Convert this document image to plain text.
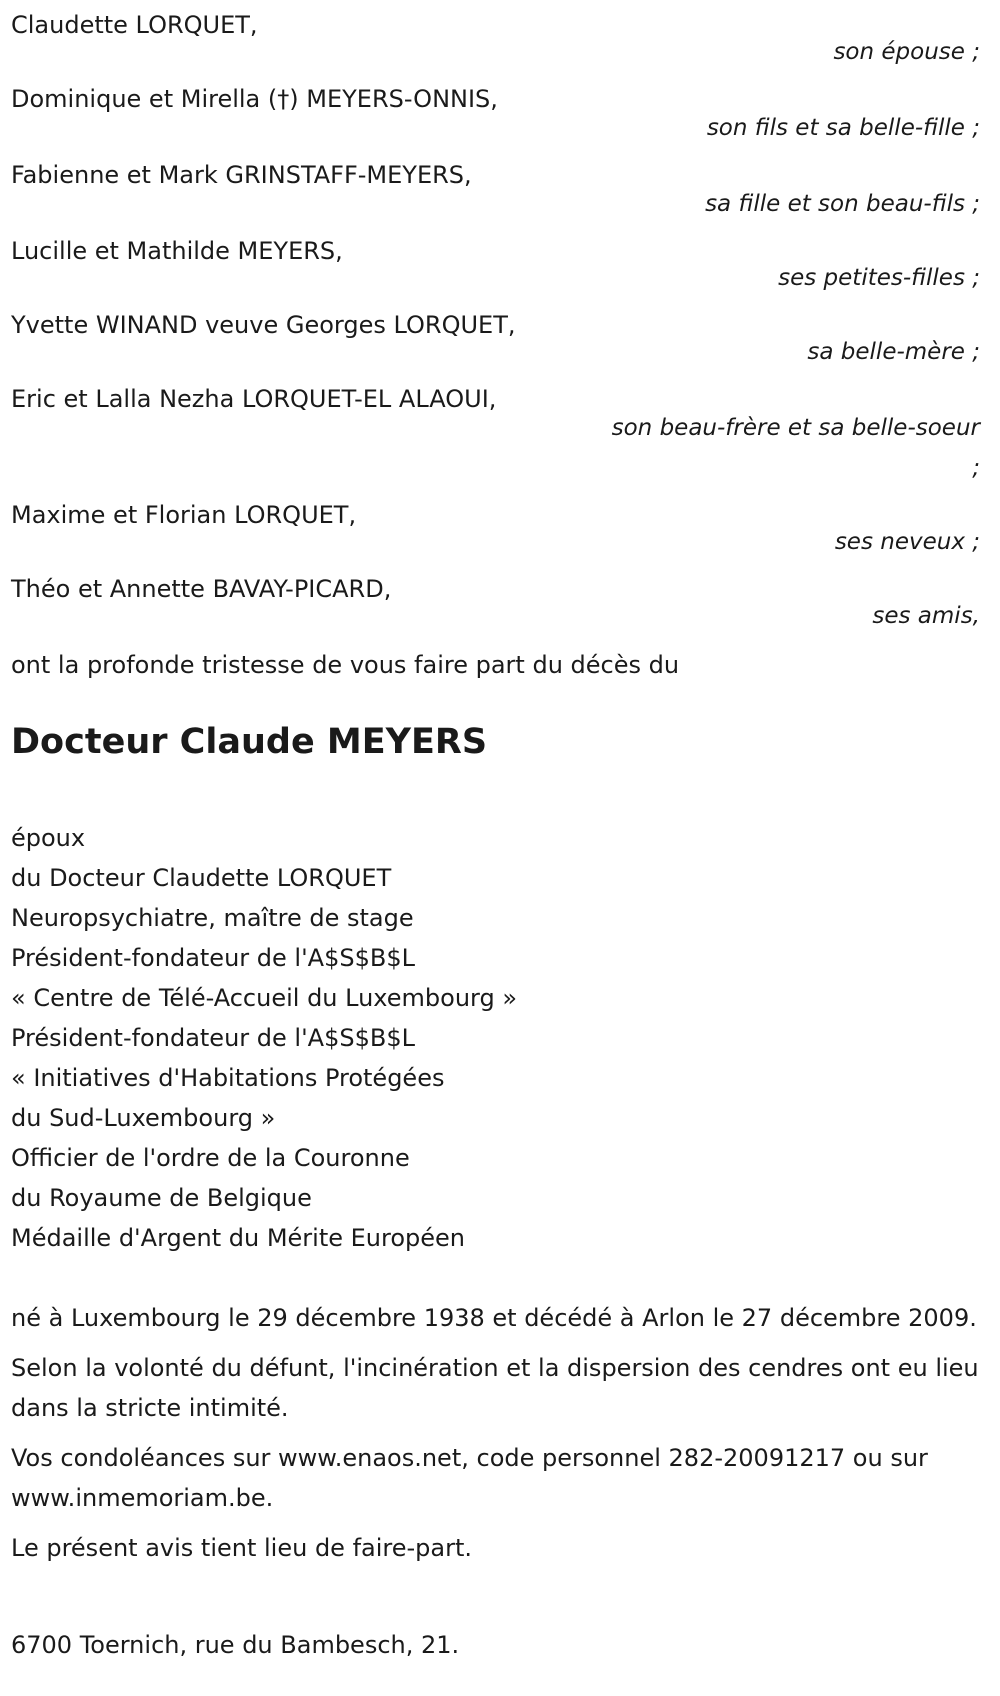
Claudette LORQUET,
son épouse ;
Dominique et Mirella (†) MEYERS-ONNIS,
son fils et sa belle-fille ;
Fabienne et Mark GRINSTAFF-MEYERS,
sa fille et son beau-fils ;
Lucille et Mathilde MEYERS,
ses petites-filles ;
Yvette WINAND veuve Georges LORQUET,
sa belle-mère ;
Eric et Lalla Nezha LORQUET-EL ALAOUI,
son beau-frère et sa belle-soeur ;
Maxime et Florian LORQUET,
ses neveux ;
Théo et Annette BAVAY-PICARD,
ses amis,
ont la profonde tristesse de vous faire part du décès du
Docteur Claude MEYERS
époux
du Docteur Claudette LORQUET
Neuropsychiatre, maître de stage
Président-fondateur de l'A$S$B$L
« Centre de Télé-Accueil du Luxembourg »
Président-fondateur de l'A$S$B$L
« Initiatives d'Habitations Protégées
du Sud-Luxembourg »
Officier de l'ordre de la Couronne
du Royaume de Belgique
Médaille d'Argent du Mérite Européen

né à Luxembourg le 29 décembre 1938 et décédé à Arlon le 27 décembre 2009.

Selon la volonté du défunt, l'incinération et la dispersion des cendres ont eu lieu dans la stricte intimité.

Vos condoléances sur www.enaos.net, code personnel 282-20091217 ou sur www.inmemoriam.be.

Le présent avis tient lieu de faire-part.

6700 Toernich, rue du Bambesch, 21.
